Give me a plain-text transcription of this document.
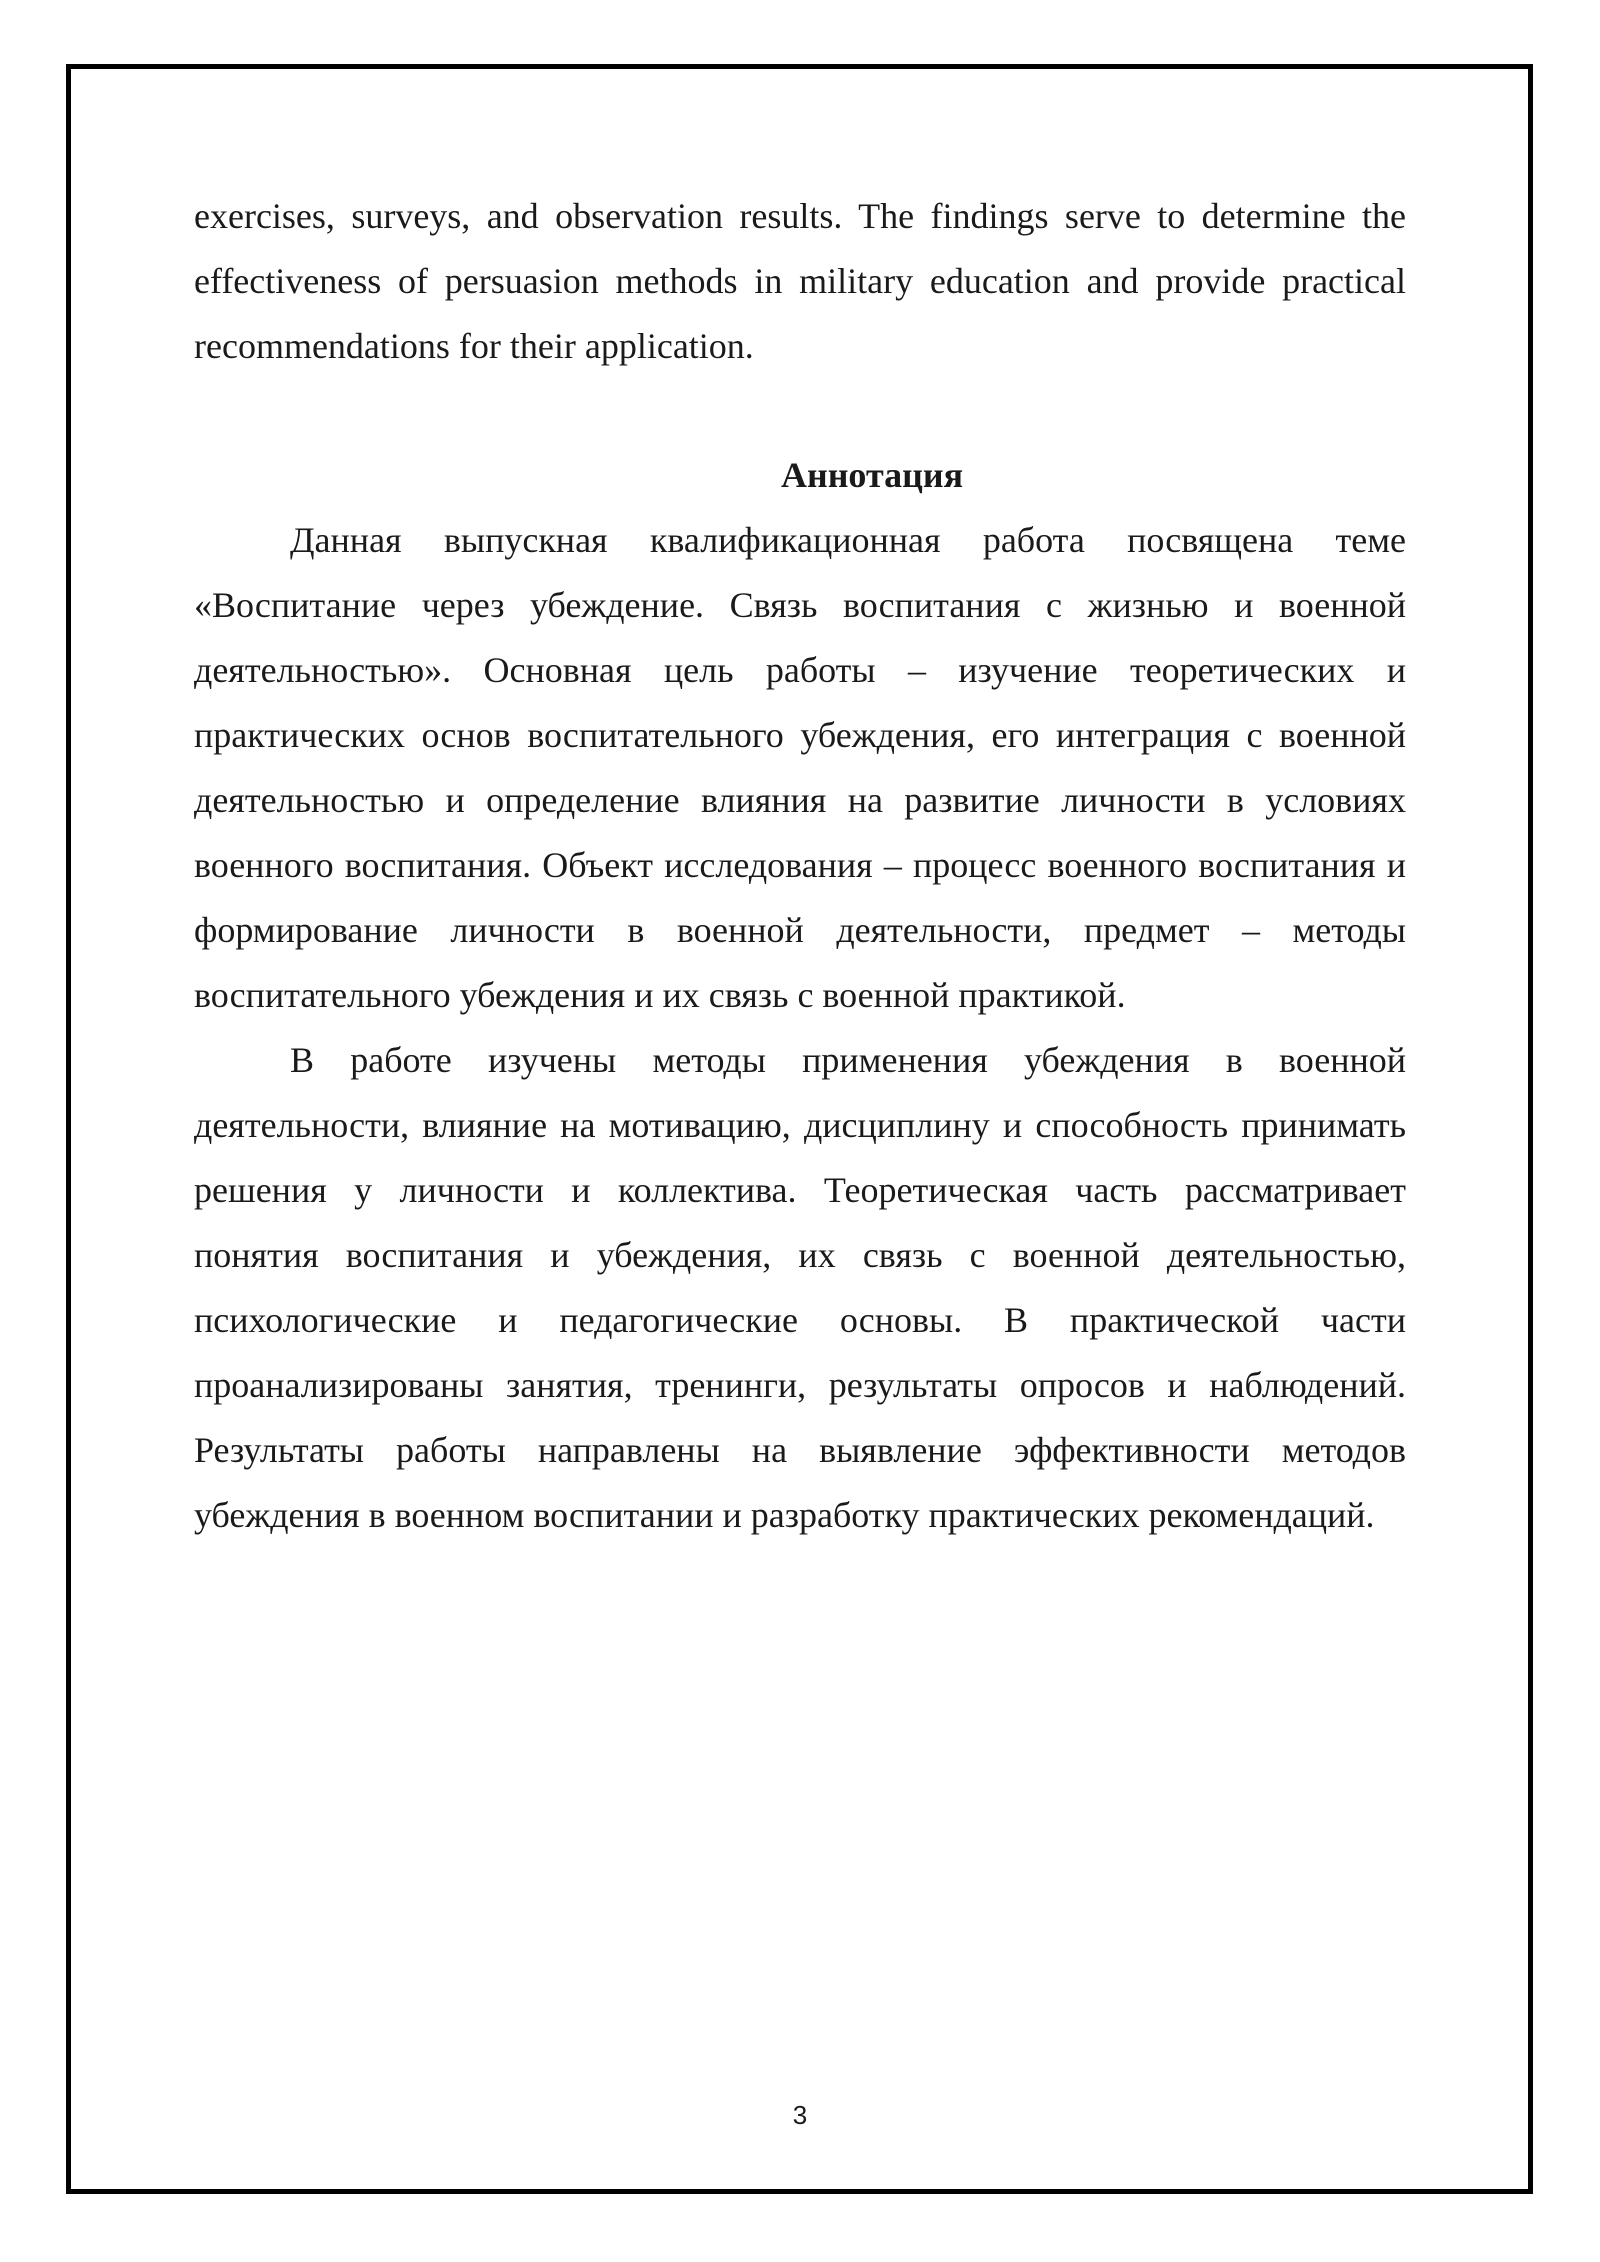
exercises, surveys, and observation results. The findings serve to determine the effectiveness of persuasion methods in military education and provide practical recommendations for their application.

Аннотация

Данная выпускная квалификационная работа посвящена теме «Воспитание через убеждение. Связь воспитания с жизнью и военной деятельностью». Основная цель работы – изучение теоретических и практических основ воспитательного убеждения, его интеграция с военной деятельностью и определение влияния на развитие личности в условиях военного воспитания. Объект исследования – процесс военного воспитания и формирование личности в военной деятельности, предмет – методы воспитательного убеждения и их связь с военной практикой.

В работе изучены методы применения убеждения в военной деятельности, влияние на мотивацию, дисциплину и способность принимать решения у личности и коллектива. Теоретическая часть рассматривает понятия воспитания и убеждения, их связь с военной деятельностью, психологические и педагогические основы. В практической части проанализированы занятия, тренинги, результаты опросов и наблюдений. Результаты работы направлены на выявление эффективности методов убеждения в военном воспитании и разработку практических рекомендаций.

3
